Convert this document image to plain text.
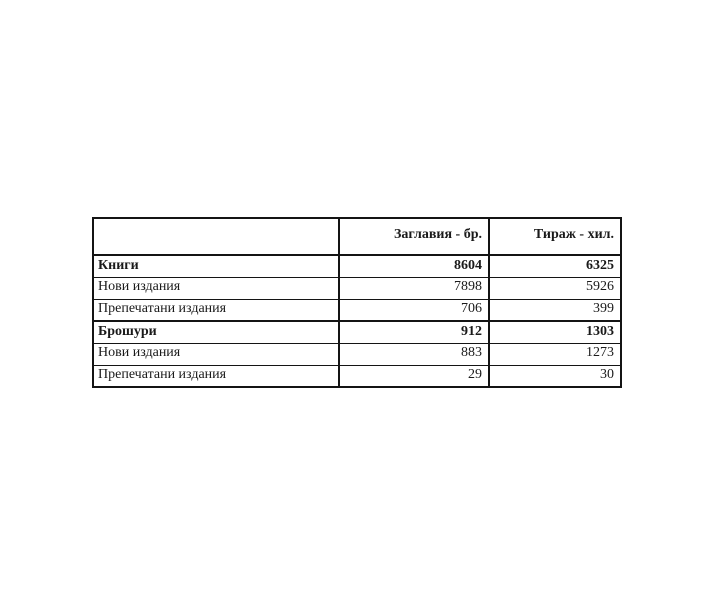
	Заглавия - бр.	Тираж - хил.
Книги	8604	6325
Нови издания	7898	5926
Препечатани издания	706	399
Брошури	912	1303
Нови издания	883	1273
Препечатани издания	29	30
